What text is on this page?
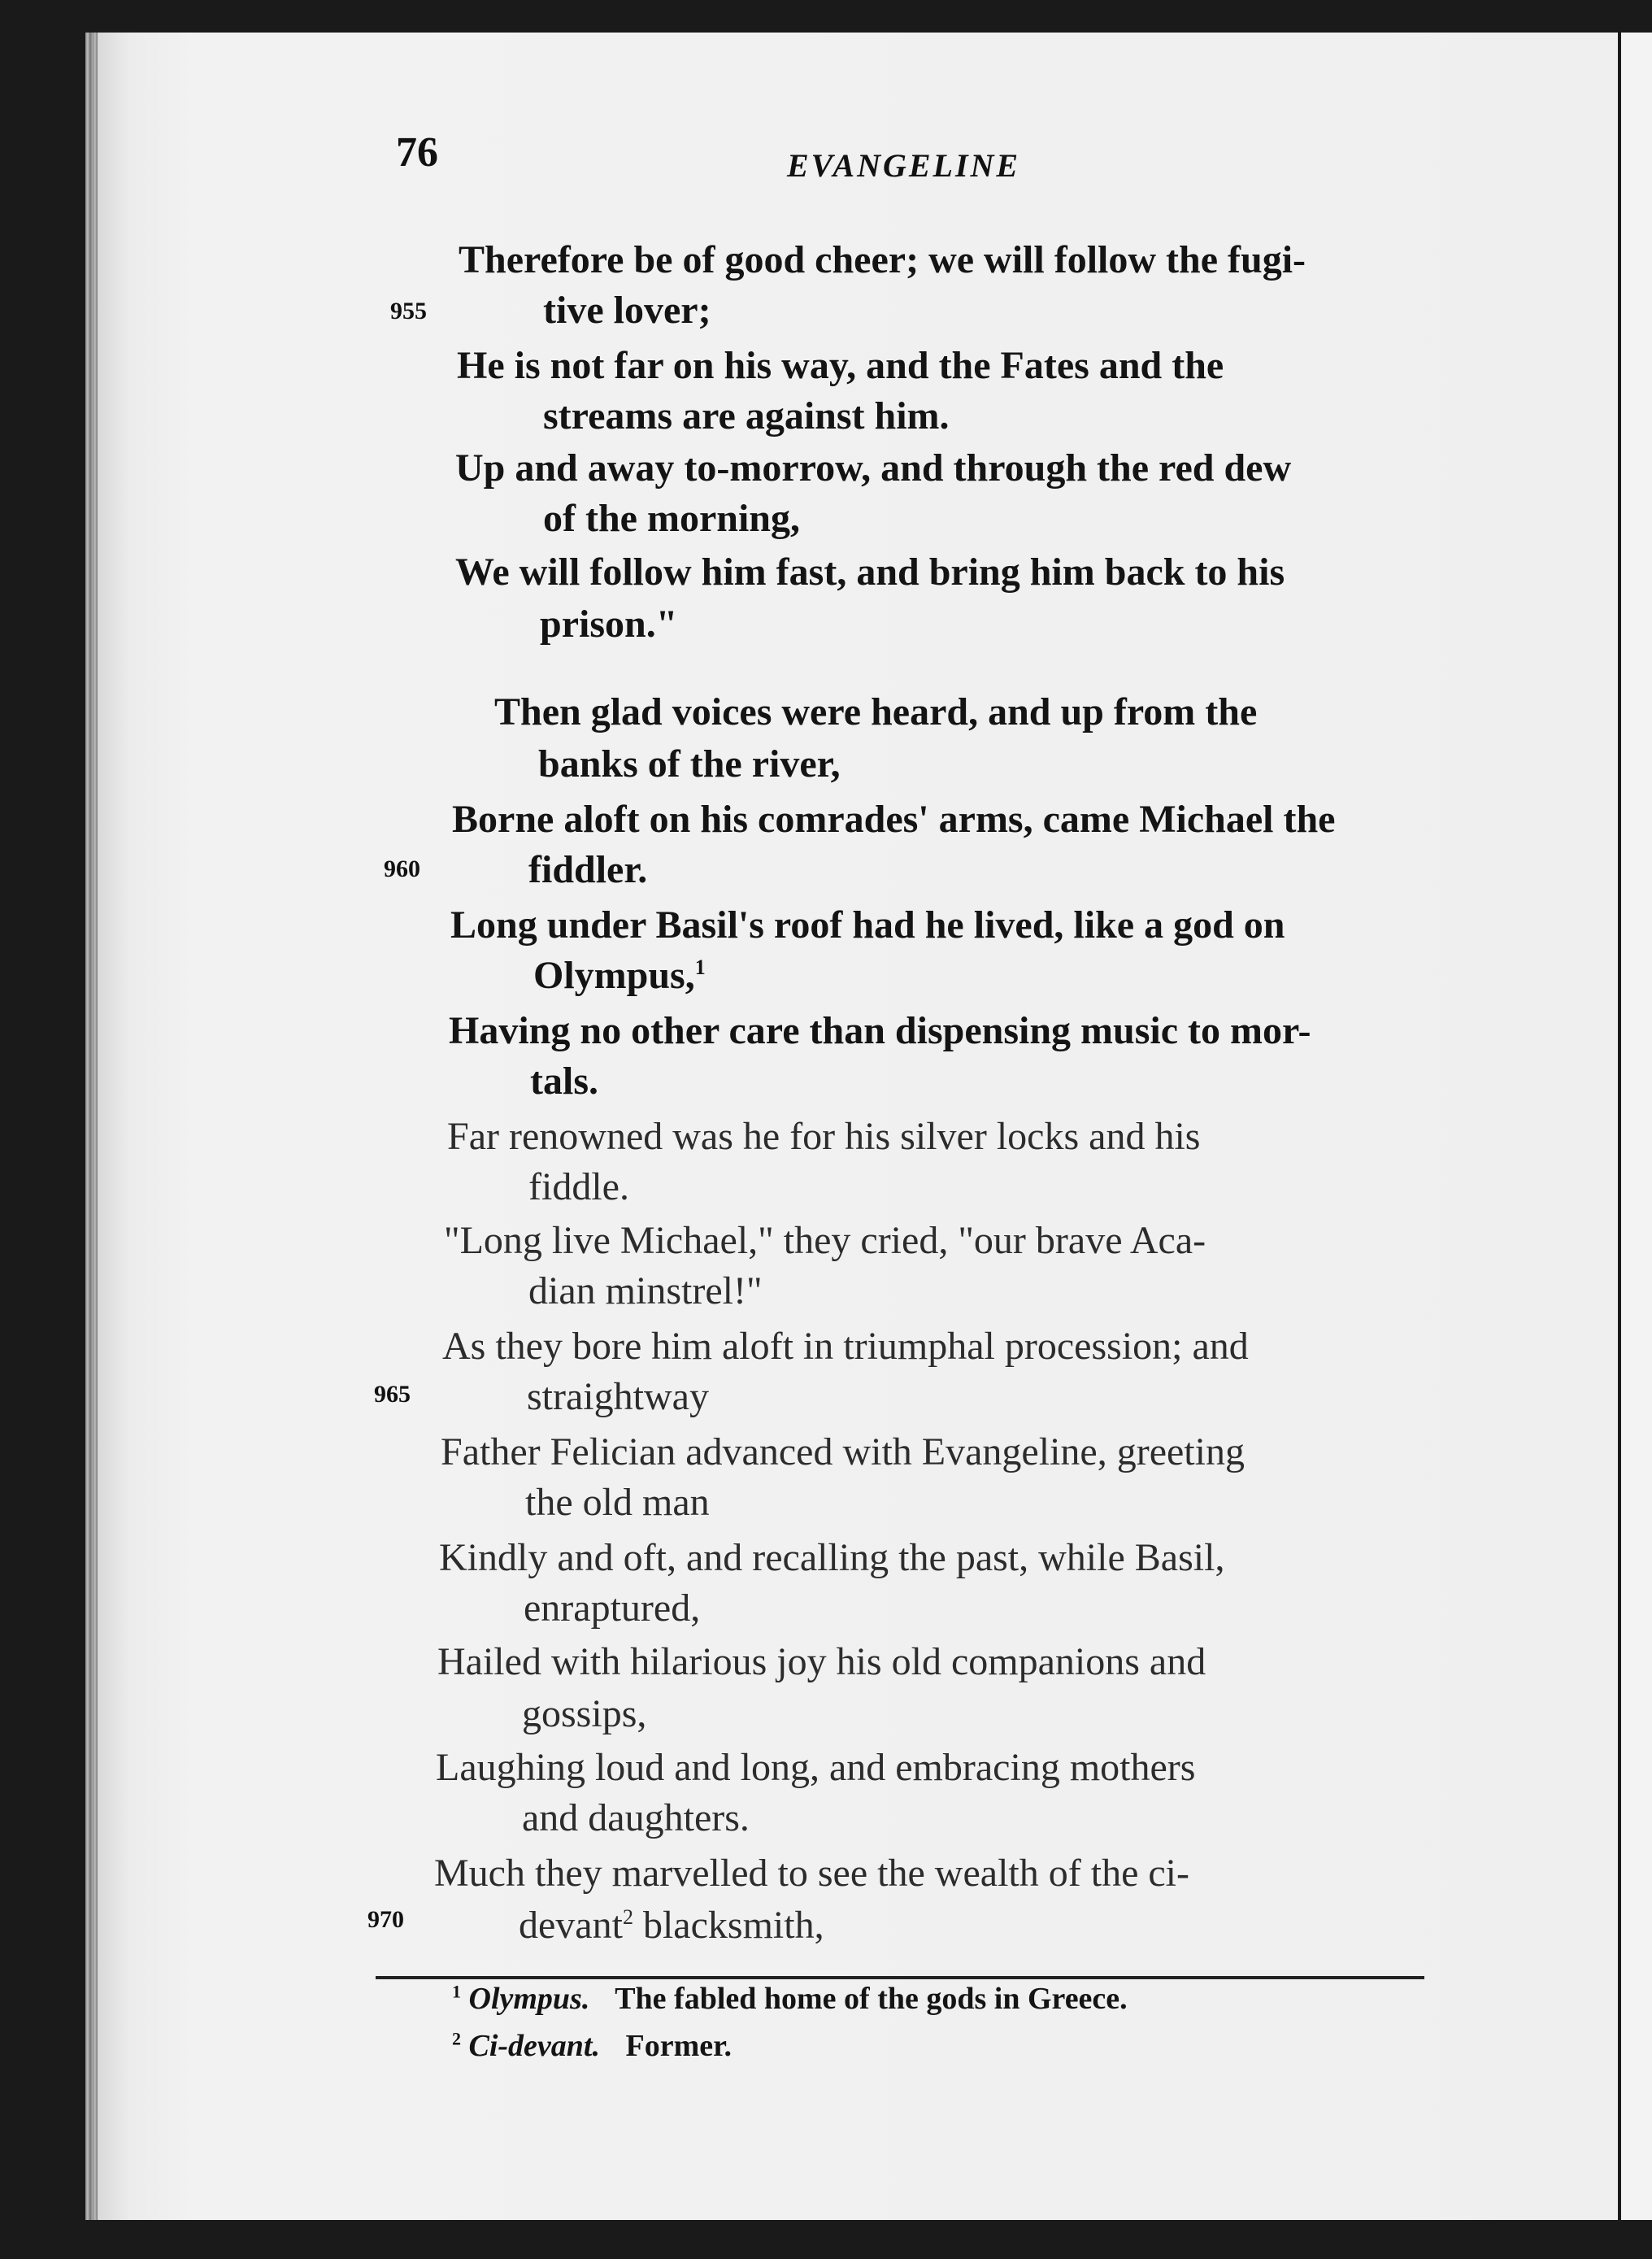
76	EVANGELINE
955
960
965
970
Therefore be of good cheer; we will follow the fugi-
tive lover;
He is not far on his way, and the Fates and the
streams are against him.
Up and away to-morrow, and through the red dew
of the morning,
We will follow him fast, and bring him back to his
prison."
Then glad voices were heard, and up from the
banks of the river,
Borne aloft on his comrades' arms, came Michael the
fiddler.
Long under Basil's roof had he lived, like a god on
Olympus,$^1$
Having no other care than dispensing music to mor-
tals.
Far renowned was he for his silver locks and his
fiddle.
"Long live Michael," they cried, "our brave Aca-
dian minstrel!"
As they bore him aloft in triumphal procession; and
straightway
Father Felician advanced with Evangeline, greeting
the old man
Kindly and oft, and recalling the past, while Basil,
enraptured,
Hailed with hilarious joy his old companions and
gossips,
Laughing loud and long, and embracing mothers
and daughters.
Much they marvelled to see the wealth of the ci-
devant$^2$ blacksmith,
$^1$ Olympus. The fabled home of the gods in Greece.
$^2$ Ci-devant. Former.
